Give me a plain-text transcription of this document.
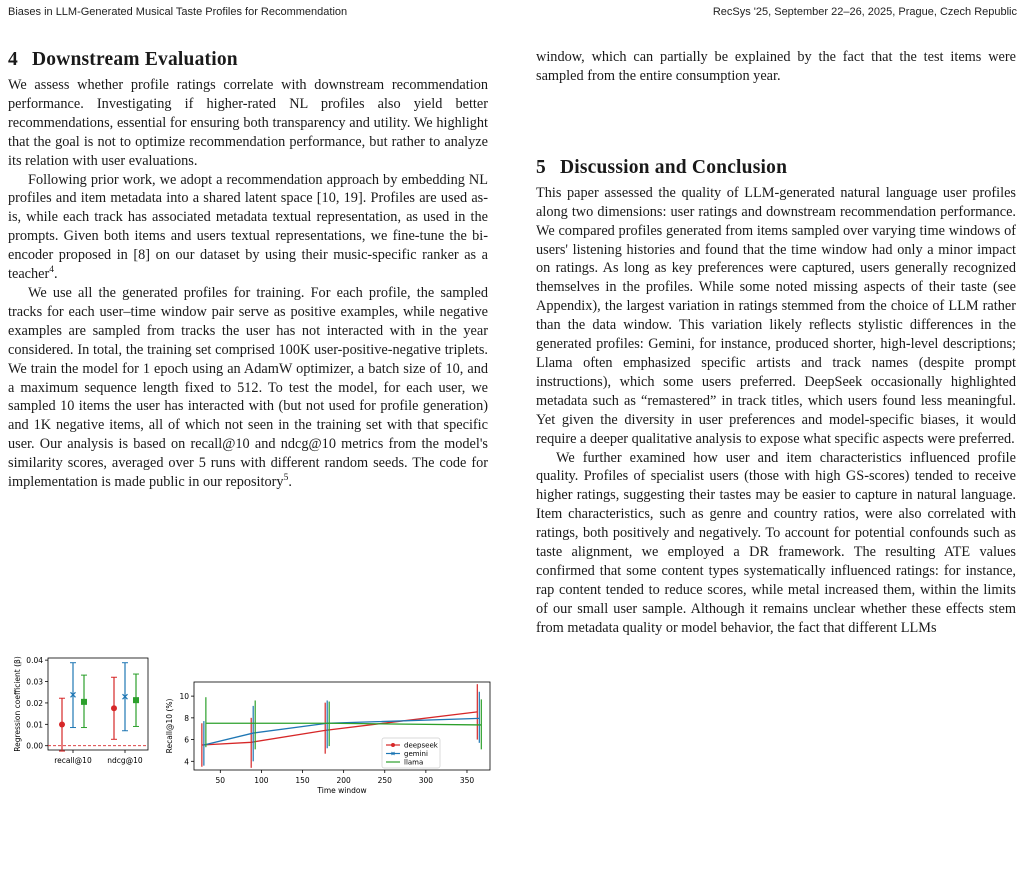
Biases in LLM-Generated Musical Taste Profiles for Recommendation	RecSys '25, September 22–26, 2025, Prague, Czech Republic
4 Downstream Evaluation

We assess whether profile ratings correlate with downstream recommendation performance. Investigating if higher-rated NL profiles also yield better recommendations, essential for ensuring both transparency and utility. We highlight that the goal is not to optimize recommendation performance, but rather to analyze its relation with user evaluations.

Following prior work, we adopt a recommendation approach by embedding NL profiles and item metadata into a shared latent space [10, 19]. Profiles are used as-is, while each track has associated metadata textual representation, as used in the prompts. Given both items and users textual representations, we fine-tune the bi-encoder proposed in [8] on our dataset by using their music-specific ranker as a teacher$^4$.

We use all the generated profiles for training. For each profile, the sampled tracks for each user–time window pair serve as positive examples, while negative examples are sampled from tracks the user has not interacted with in the year considered. In total, the training set comprised 100K user-positive-negative triplets. We train the model for 1 epoch using an AdamW optimizer, a batch size of 10, and a maximum sequence length fixed to 512. To test the model, for each user, we sampled 10 items the user has interacted with (but not used for profile generation) and 1K negative items, all of which not seen in the training set with that specific user. Our analysis is based on recall@10 and ndcg@10 metrics from the model's similarity scores, averaged over 5 runs with different random seeds. The code for implementation is made public in our repository$^5$.

window, which can partially be explained by the fact that the test items were sampled from the entire consumption year.

5 Discussion and Conclusion

This paper assessed the quality of LLM-generated natural language user profiles along two dimensions: user ratings and downstream recommendation performance. We compared profiles generated from items sampled over varying time windows of users' listening histories and found that the time window had only a minor impact on ratings. As long as key preferences were captured, users generally recognized themselves in the profiles. While some noted missing aspects of their taste (see Appendix), the largest variation in ratings stemmed from the choice of LLM rather than the data window. This variation likely reflects stylistic differences in the generated profiles: Gemini, for instance, produced shorter, high-level descriptions; Llama often emphasized specific artists and track names (despite prompt instructions), which some users preferred. DeepSeek occasionally highlighted metadata such as “remastered” in track titles, which users found less meaningful. Yet given the diversity in user preferences and model-specific biases, it would require a deeper qualitative analysis to expose what specific aspects were preferred.

We further examined how user and item characteristics influenced profile quality. Profiles of specialist users (those with high GS-scores) tended to receive higher ratings, suggesting their tastes may be easier to capture in natural language. Item characteristics, such as genre and country ratios, were also correlated with ratings, both positively and negatively. To account for potential confounds such as taste alignment, we employed a DR framework. The resulting ATE values confirmed that some content types systematically influenced ratings: for instance, rap content tended to reduce scores, while metal increased them, within the limits of our small user sample. Although it remains unclear whether these effects stem from metadata quality or model behavior, the fact that different LLMs

0.00
0.01
0.02
0.03
0.04
recall@10 ndcg@10
Regression coefficient (β)
4
6
8
10
Recall@10 (%)	deepseek
gemini
llama
50	100	150	200	250	300	350
Time window
